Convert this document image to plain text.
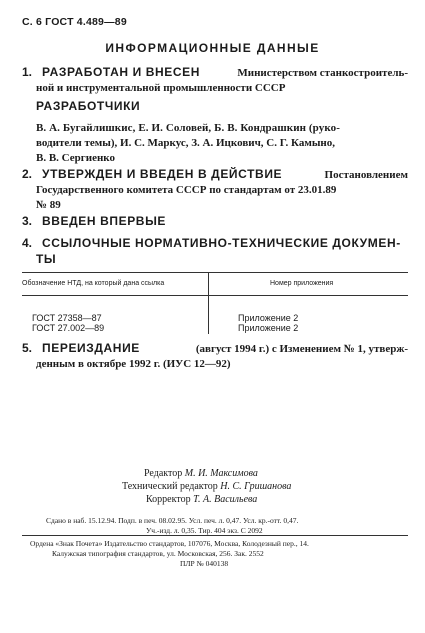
С. 6 ГОСТ 4.489—89
ИНФОРМАЦИОННЫЕ ДАННЫЕ
1. РАЗРАБОТАН И ВНЕСЕН	Министерством станкостроитель-
ной и инструментальной промышленности СССР
РАЗРАБОТЧИКИ
В. А. Бугайлишкис, Е. И. Соловей, Б. В. Кондрашкин (руко-
водители темы), И. С. Маркус, З. А. Ицкович, С. Г. Камыно,
В. В. Сергиенко
2. УТВЕРЖДЕН И ВВЕДЕН В ДЕЙСТВИЕ	Постановлением
Государственного комитета СССР по стандартам от 23.01.89
№ 89
3. ВВЕДЕН ВПЕРВЫЕ
4. ССЫЛОЧНЫЕ НОРМАТИВНО-ТЕХНИЧЕСКИЕ ДОКУМЕН-
ТЫ
Обозначение НТД, на который дана ссылка	Номер приложения
ГОСТ 27358—87	Приложение 2
ГОСТ 27.002—89	Приложение 2
5. ПЕРЕИЗДАНИЕ	(август 1994 г.) с Изменением № 1, утверж-
денным в октябре 1992 г. (ИУС 12—92)
Редактор М. И. Максимова
Технический редактор Н. С. Гришанова
Корректор Т. А. Васильева
Сдано в наб. 15.12.94. Подп. в печ. 08.02.95. Усл. печ. л. 0,47. Усл. кр.-отт. 0,47.
Уч.-изд. л. 0,35. Тир. 404 экз. С 2092
Ордена «Знак Почета» Издательство стандартов, 107076, Москва, Колодезный пер., 14.
Калужская типография стандартов, ул. Московская, 256. Зак. 2552
ПЛР № 040138
